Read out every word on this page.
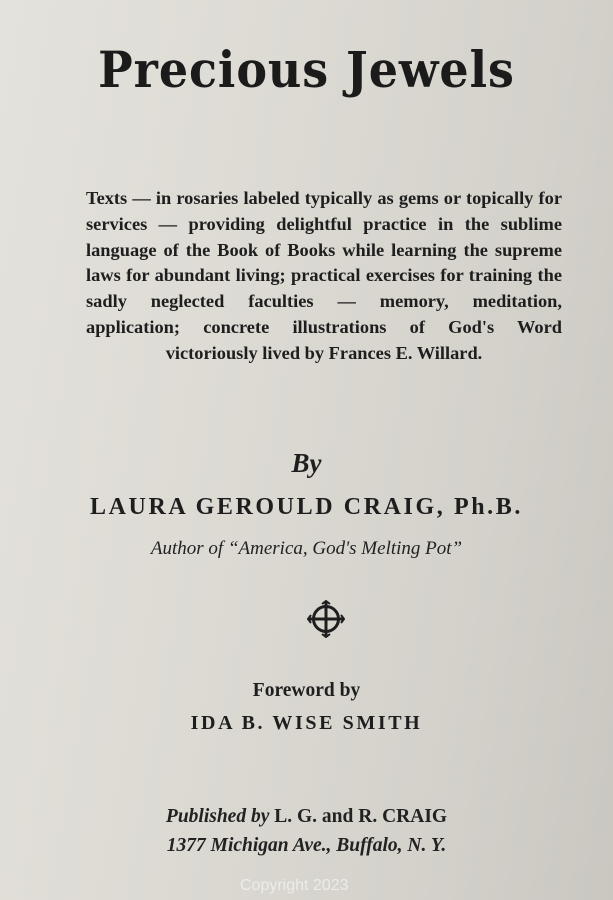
Precious Jewels
Texts — in rosaries labeled typically as gems or topically for services — providing delightful practice in the sublime language of the Book of Books while learning the supreme laws for abundant living; practical exercises for training the sadly neglected faculties — memory, meditation, application; concrete illustrations of God's Word victoriously lived by Frances E. Willard.
By
LAURA GEROULD CRAIG, Ph.B.
Author of “America, God's Melting Pot”
Foreword by
IDA B. WISE SMITH
Published by L. G. and R. CRAIG
1377 Michigan Ave., Buffalo, N. Y.
Copyright 2023
